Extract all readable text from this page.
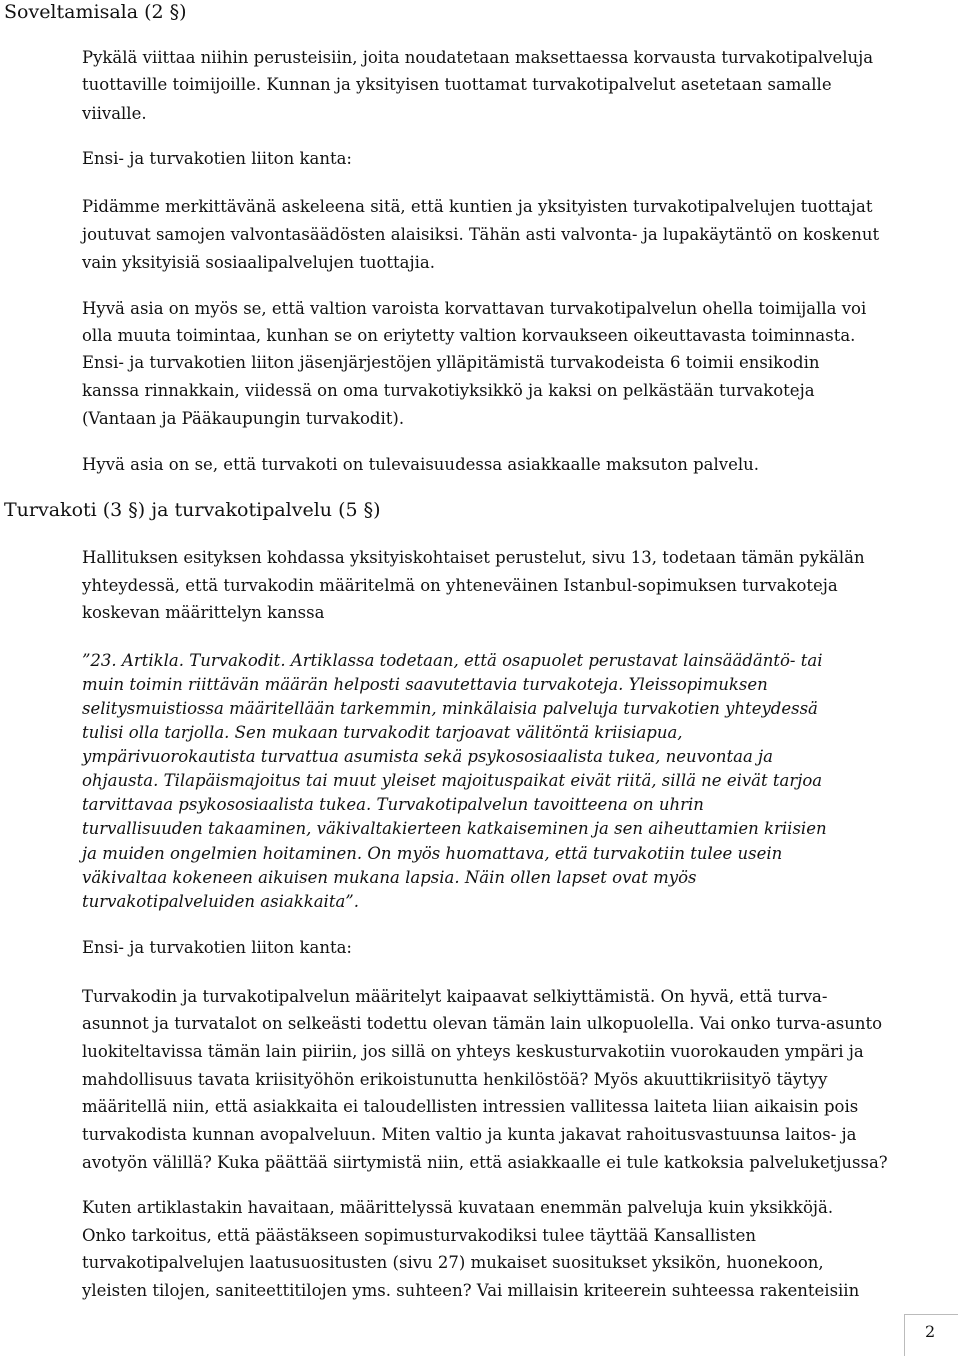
Soveltamisala (2 §)

Pykälä viittaa niihin perusteisiin, joita noudatetaan maksettaessa korvausta turvakotipalveluja

tuottaville toimijoille. Kunnan ja yksityisen tuottamat turvakotipalvelut asetetaan samalle

viivalle.

Ensi- ja turvakotien liiton kanta:

Pidämme merkittävänä askeleena sitä, että kuntien ja yksityisten turvakotipalvelujen tuottajat

joutuvat samojen valvontasäädösten alaisiksi. Tähän asti valvonta- ja lupakäytäntö on koskenut

vain yksityisiä sosiaalipalvelujen tuottajia.

Hyvä asia on myös se, että valtion varoista korvattavan turvakotipalvelun ohella toimijalla voi

olla muuta toimintaa, kunhan se on eriytetty valtion korvaukseen oikeuttavasta toiminnasta.

Ensi- ja turvakotien liiton jäsenjärjestöjen ylläpitämistä turvakodeista 6 toimii ensikodin

kanssa rinnakkain, viidessä on oma turvakotiyksikkö ja kaksi on pelkästään turvakoteja

(Vantaan ja Pääkaupungin turvakodit).

Hyvä asia on se, että turvakoti on tulevaisuudessa asiakkaalle maksuton palvelu.

Turvakoti (3 §) ja turvakotipalvelu (5 §)

Hallituksen esityksen kohdassa yksityiskohtaiset perustelut, sivu 13, todetaan tämän pykälän

yhteydessä, että turvakodin määritelmä on yhteneväinen Istanbul-sopimuksen turvakoteja

koskevan määrittelyn kanssa

”23. Artikla. Turvakodit. Artiklassa todetaan, että osapuolet perustavat lainsäädäntö- tai

muin toimin riittävän määrän helposti saavutettavia turvakoteja. Yleissopimuksen

selitysmuistiossa määritellään tarkemmin, minkälaisia palveluja turvakotien yhteydessä

tulisi olla tarjolla. Sen mukaan turvakodit tarjoavat välitöntä kriisiapua,

ympärivuorokautista turvattua asumista sekä psykososiaalista tukea, neuvontaa ja

ohjausta. Tilapäismajoitus tai muut yleiset majoituspaikat eivät riitä, sillä ne eivät tarjoa

tarvittavaa psykososiaalista tukea. Turvakotipalvelun tavoitteena on uhrin

turvallisuuden takaaminen, väkivaltakierteen katkaiseminen ja sen aiheuttamien kriisien

ja muiden ongelmien hoitaminen. On myös huomattava, että turvakotiin tulee usein

väkivaltaa kokeneen aikuisen mukana lapsia. Näin ollen lapset ovat myös

turvakotipalveluiden asiakkaita”.

Ensi- ja turvakotien liiton kanta:

Turvakodin ja turvakotipalvelun määritelyt kaipaavat selkiyttämistä. On hyvä, että turva-

asunnot ja turvatalot on selkeästi todettu olevan tämän lain ulkopuolella. Vai onko turva-asunto

luokiteltavissa tämän lain piiriin, jos sillä on yhteys keskusturvakotiin vuorokauden ympäri ja

mahdollisuus tavata kriisityöhön erikoistunutta henkilöstöä? Myös akuuttikriisityö täytyy

määritellä niin, että asiakkaita ei taloudellisten intressien vallitessa laiteta liian aikaisin pois

turvakodista kunnan avopalveluun. Miten valtio ja kunta jakavat rahoitusvastuunsa laitos- ja

avotyön välillä? Kuka päättää siirtymistä niin, että asiakkaalle ei tule katkoksia palveluketjussa?

Kuten artiklastakin havaitaan, määrittelyssä kuvataan enemmän palveluja kuin yksikköjä.

Onko tarkoitus, että päästäkseen sopimusturvakodiksi tulee täyttää Kansallisten

turvakotipalvelujen laatusuositusten (sivu 27) mukaiset suositukset yksikön, huonekoon,

yleisten tilojen, saniteettitilojen yms. suhteen? Vai millaisin kriteerein suhteessa rakenteisiin

2
